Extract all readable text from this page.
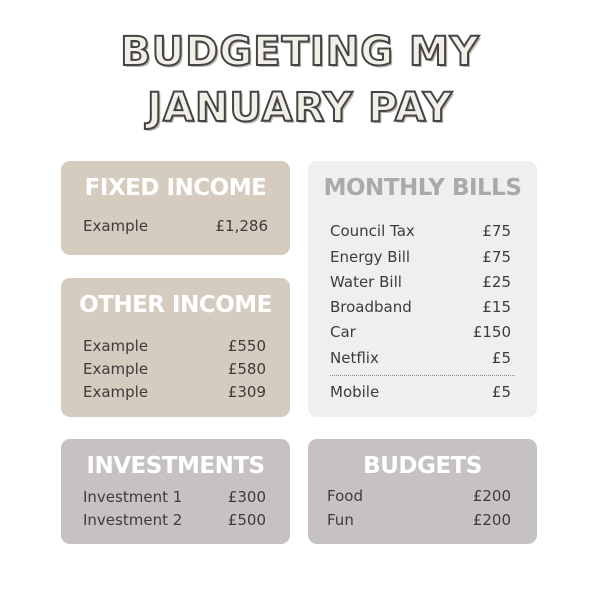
BUDGETING MY
JANUARY PAY
FIXED INCOME
Example	£1,286
OTHER INCOME
Example	£550
Example	£580
Example	£309
MONTHLY BILLS
Council Tax	£75
Energy Bill	£75
Water Bill	£25
Broadband	£15
Car	£150
Netflix	£5
Mobile	£5
INVESTMENTS
Investment 1	£300
Investment 2	£500
BUDGETS
Food	£200
Fun	£200
